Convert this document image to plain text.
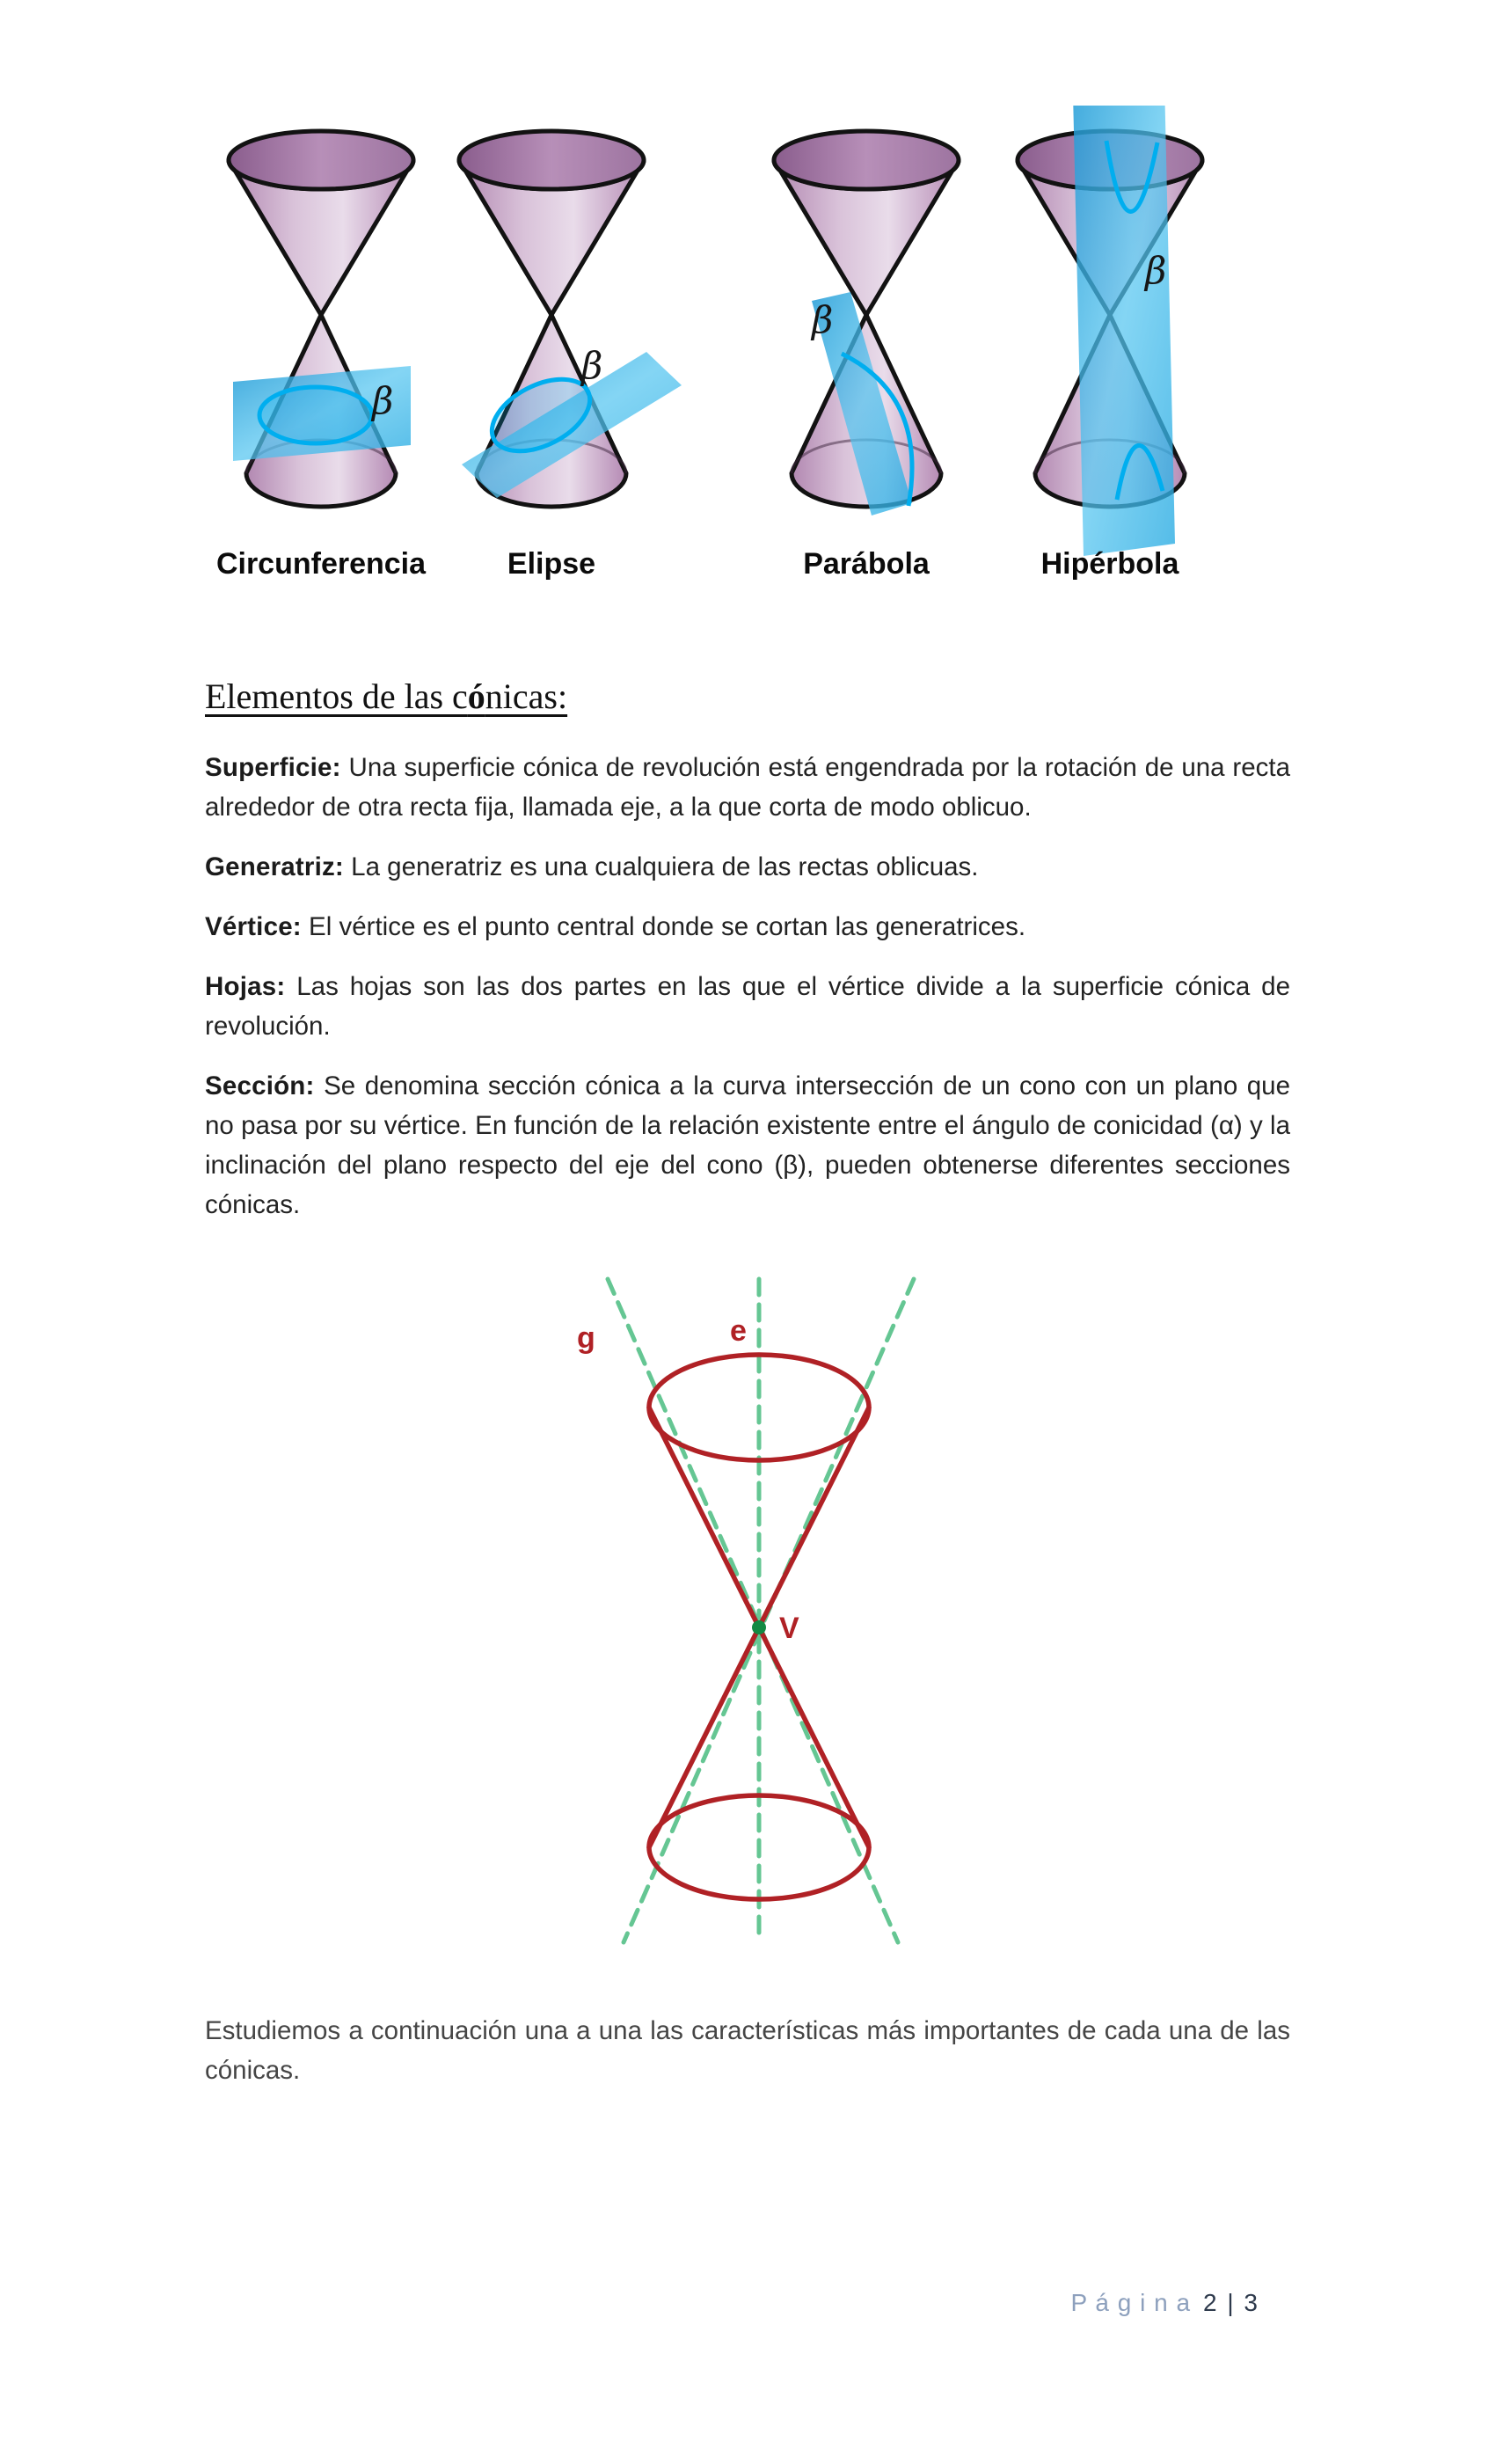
β
β
β
β
Circunferencia	Elipse	Parábola	Hipérbola
Elementos de las cónicas:

Superficie: Una superficie cónica de revolución está engendrada por la rotación de una recta alrededor de otra recta fija, llamada eje, a la que corta de modo oblicuo.

Generatriz: La generatriz es una cualquiera de las rectas oblicuas.

Vértice: El vértice es el punto central donde se cortan las generatrices.

Hojas: Las hojas son las dos partes en las que el vértice divide a la superficie cónica de revolución.

Sección: Se denomina sección cónica a la curva intersección de un cono con un plano que no pasa por su vértice. En función de la relación existente entre el ángulo de conicidad (α) y la inclinación del plano respecto del eje del cono (β), pueden obtenerse diferentes secciones cónicas.

g	e
V

Estudiemos a continuación una a una las características más importantes de cada una de las cónicas.

P á g i n a 2 | 3
